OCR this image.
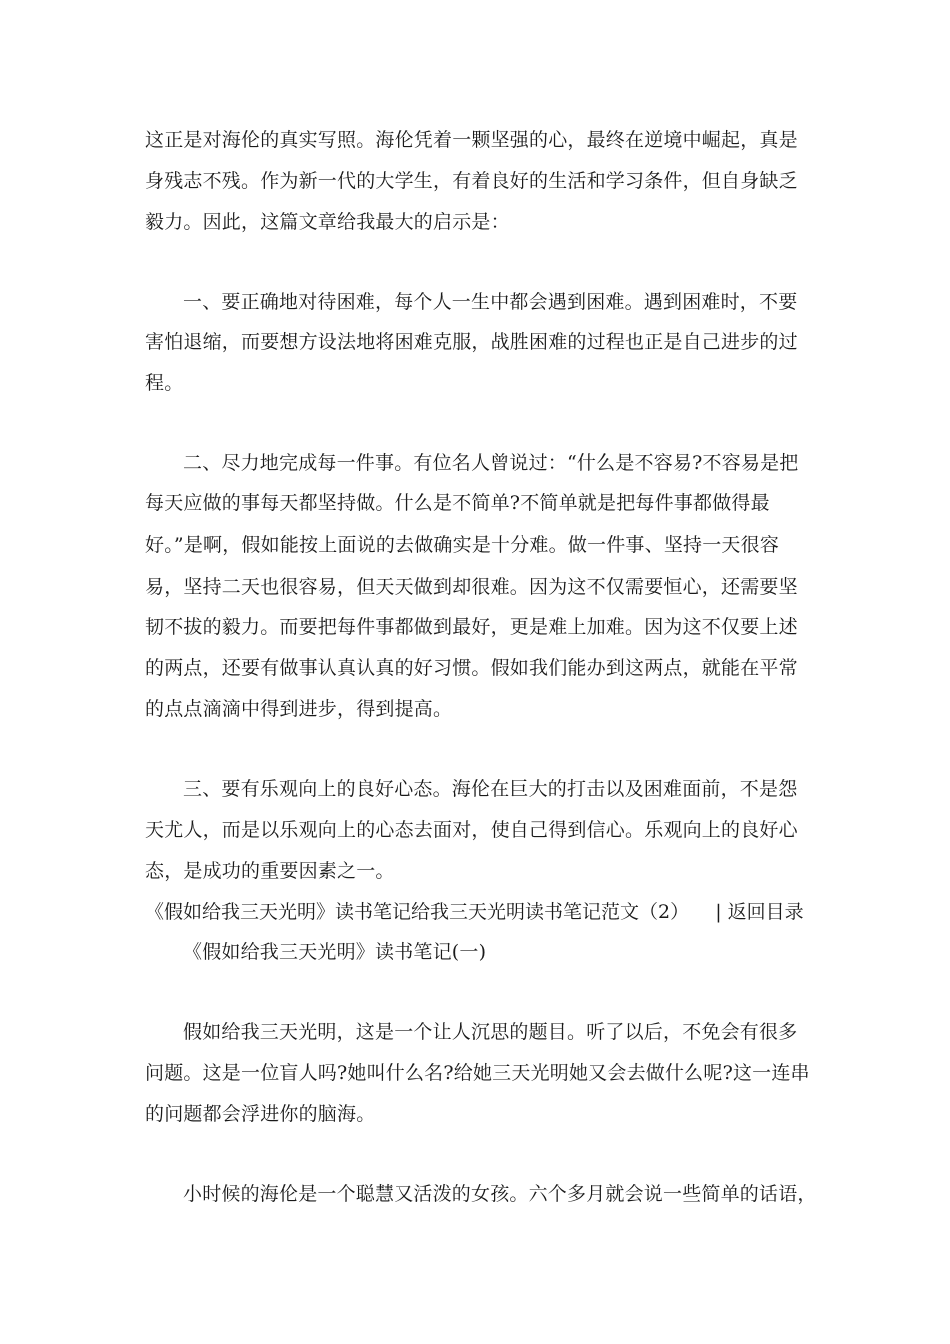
这正是对海伦的真实写照。海伦凭着一颗坚强的心，最终在逆境中崛起，真是
身残志不残。作为新一代的大学生，有着良好的生活和学习条件，但自身缺乏
毅力。因此，这篇文章给我最大的启示是：
一、要正确地对待困难，每个人一生中都会遇到困难。遇到困难时，不要
害怕退缩，而要想方设法地将困难克服，战胜困难的过程也正是自己进步的过
程。
二、尽力地完成每一件事。有位名人曾说过：“什么是不容易?不容易是把
每天应做的事每天都坚持做。什么是不简单?不简单就是把每件事都做得最
好。”是啊，假如能按上面说的去做确实是十分难。做一件事、坚持一天很容
易，坚持二天也很容易，但天天做到却很难。因为这不仅需要恒心，还需要坚
韧不拔的毅力。而要把每件事都做到最好，更是难上加难。因为这不仅要上述
的两点，还要有做事认真认真的好习惯。假如我们能办到这两点，就能在平常
的点点滴滴中得到进步，得到提高。
三、要有乐观向上的良好心态。海伦在巨大的打击以及困难面前，不是怨
天尤人，而是以乐观向上的心态去面对，使自己得到信心。乐观向上的良好心
态，是成功的重要因素之一。
《假如给我三天光明》读书笔记给我三天光明读书笔记范文（2） | 返回目录
《假如给我三天光明》读书笔记(一)
假如给我三天光明，这是一个让人沉思的题目。听了以后，不免会有很多
问题。这是一位盲人吗?她叫什么名?给她三天光明她又会去做什么呢?这一连串
的问题都会浮进你的脑海。
小时候的海伦是一个聪慧又活泼的女孩。六个多月就会说一些简单的话语，
